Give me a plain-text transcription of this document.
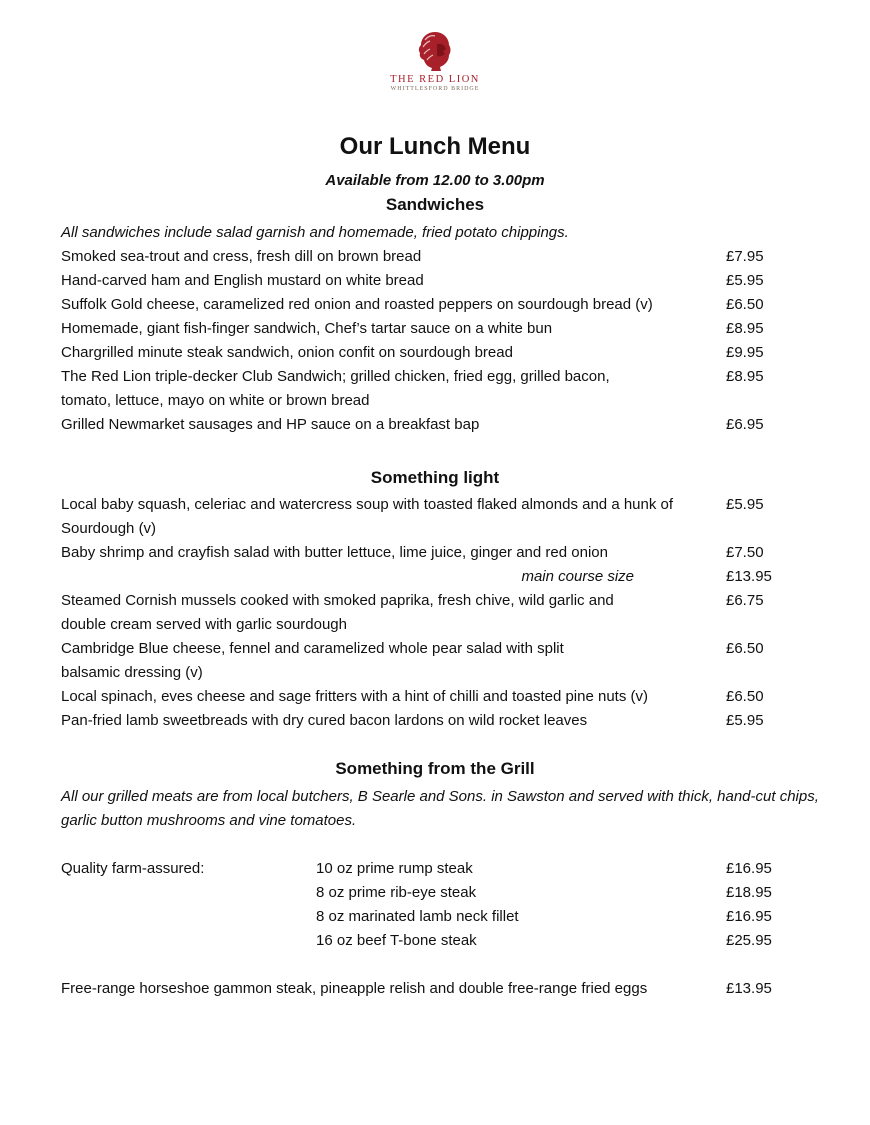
THE RED LION
WHITTLESFORD BRIDGE
Our Lunch Menu
Available from 12.00 to 3.00pm
Sandwiches
All sandwiches include salad garnish and homemade, fried potato chippings.
Smoked sea-trout and cress, fresh dill on brown bread	£7.95
Hand-carved ham and English mustard on white bread	£5.95
Suffolk Gold cheese, caramelized red onion and roasted peppers on sourdough bread (v)	£6.50
Homemade, giant fish-finger sandwich, Chef’s tartar sauce on a white bun	£8.95
Chargrilled minute steak sandwich, onion confit on sourdough bread	£9.95
The Red Lion triple-decker Club Sandwich; grilled chicken, fried egg, grilled bacon, tomato, lettuce, mayo on white or brown bread
£8.95
Grilled Newmarket sausages and HP sauce on a breakfast bap	£6.95
Something light
Local baby squash, celeriac and watercress soup with toasted flaked almonds and a hunk of Sourdough (v)
£5.95
Baby shrimp and crayfish salad with butter lettuce, lime juice, ginger and red onion	£7.50
main course size	£13.95
Steamed Cornish mussels cooked with smoked paprika, fresh chive, wild garlic and double cream served with garlic sourdough
£6.75
Cambridge Blue cheese, fennel and caramelized whole pear salad with split balsamic dressing (v)
£6.50
Local spinach, eves cheese and sage fritters with a hint of chilli and toasted pine nuts (v)	£6.50
Pan-fried lamb sweetbreads with dry cured bacon lardons on wild rocket leaves	£5.95
Something from the Grill
All our grilled meats are from local butchers, B Searle and Sons. in Sawston and served with thick, hand-cut chips, garlic button mushrooms and vine tomatoes.
Quality farm-assured:	10 oz prime rump steak	£16.95
8 oz prime rib-eye steak	£18.95
8 oz marinated lamb neck fillet	£16.95
16 oz beef T-bone steak	£25.95
Free-range horseshoe gammon steak, pineapple relish and double free-range fried eggs	£13.95
